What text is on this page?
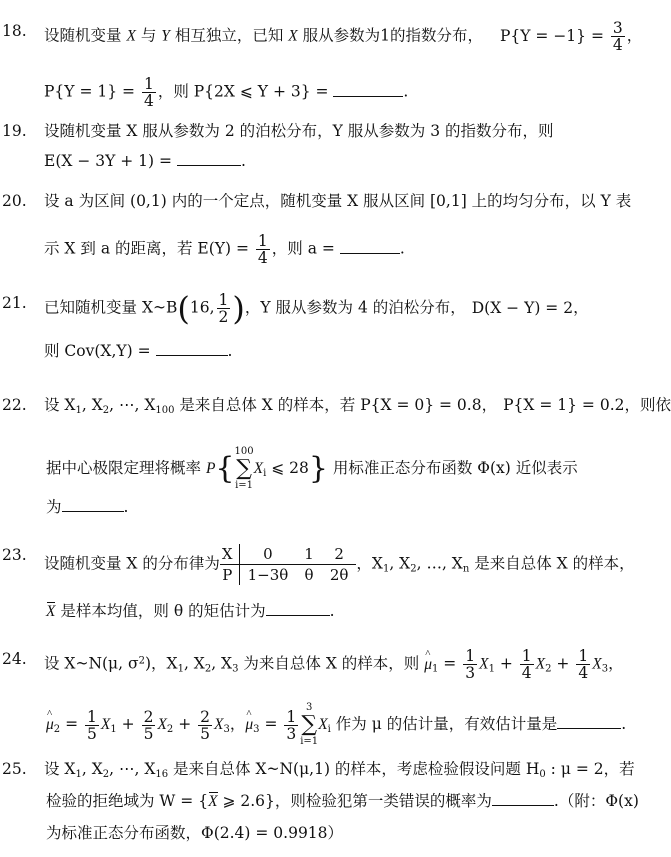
18.	设随机变量 X 与 Y 相互独立，已知 X 服从参数为1的指数分布， $P\{Y = -1\} = \frac{3}{4}$ ，
$P\{Y = 1\} = \frac{1}{4}$ ，则 P{2X ⩽ Y + 3} =	.
19.	设随机变量 X 服从参数为 2 的泊松分布，Y 服从参数为 3 的指数分布，则
E(X − 3Y + 1) =	.
20.	设 a 为区间 (0,1) 内的一个定点，随机变量 X 服从区间 [0,1] 上的均匀分布，以 Y 表
示 X 到 a 的距离，若 $E(Y) = \frac{1}{4}$ ，则 a =	.
21.	已知随机变量 X~B(16, $\frac{1}{2}$ )，Y 服从参数为 4 的泊松分布， D(X − Y) = 2，
则 Cov(X,Y) =	.
22.	设 $X_1$, $X_2$, ⋯, $X_{100}$ 是来自总体 X 的样本，若 P{X = 0} = 0.8， P{X = 1} = 0.2，则依
据中心极限定理将概率 P{100
∑
$i=1X_i$ ⩽ 28} 用标准正态分布函数 Φ(x) 近似表示
为	.
23.	设随机变量 X 的分布律为
X	0	1	2
P	1−3θ	θ	2θ
，$X_1$, $X_2$, …, $X_n$ 是来自总体 X 的样本，
X 是样本均值，则 θ 的矩估计为	.
24.	设 X~N(μ, $\sigma^2$)，$X_1$, $X_2$, $X_3$ 为来自总体 X 的样本，则 ^ $\mu_1 = \frac{1}{3} X_1 + \frac{1}{4} X_2 + \frac{1}{4} X_3$，
^ $\mu_2 = \frac{1}{5} X_1 + \frac{2}{5} X_2 + \frac{2}{5} X_3$，^ $\mu_3 = \frac{1}{3}$
3
∑
$i=1X_i$ 作为 μ 的估计量，有效估计量是	.
25.	设 $X_1$, $X_2$, ⋯, $X_{16}$ 是来自总体 X~N(μ,1) 的样本，考虑检验假设问题 $H_0$ : μ = 2，若
检验的拒绝域为 W = {X ⩾ 2.6}，则检验犯第一类错误的概率为	.（附：Φ(x)
为标准正态分布函数，Φ(2.4) = 0.9918）
